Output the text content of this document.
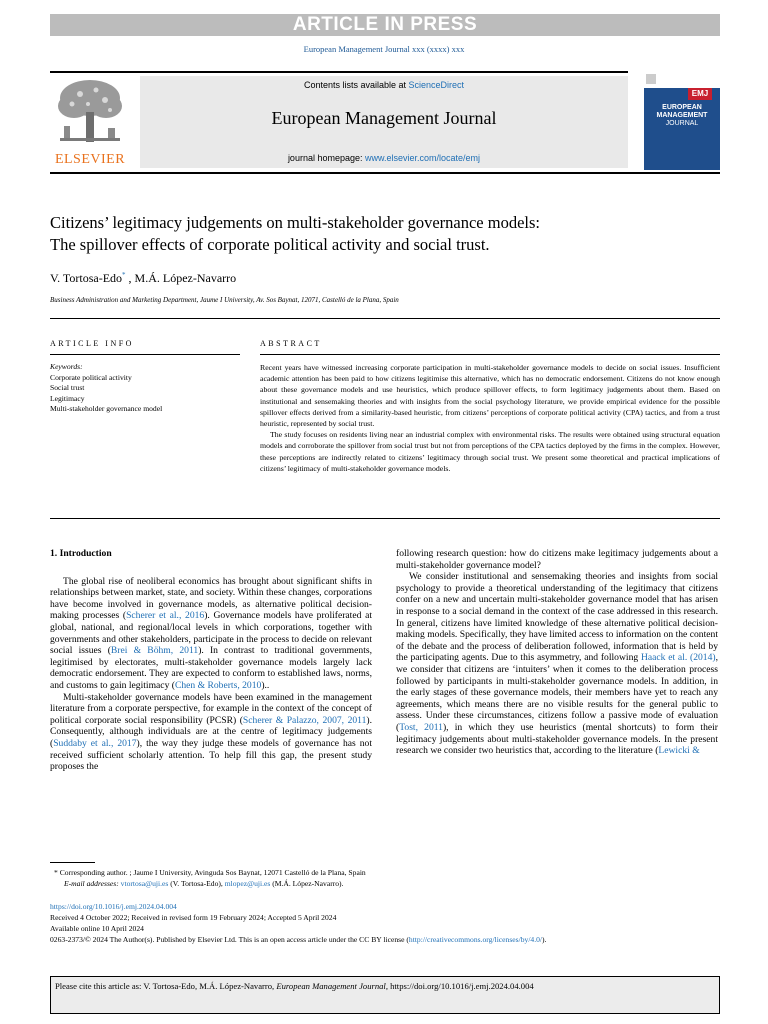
ARTICLE IN PRESS
European Management Journal xxx (xxxx) xxx
ELSEVIER
Contents lists available at ScienceDirect
European Management Journal
journal homepage: www.elsevier.com/locate/emj
EMJ
EUROPEAN
MANAGEMENT
JOURNAL
Citizens’ legitimacy judgements on multi-stakeholder governance models:
The spillover effects of corporate political activity and social trust.
V. Tortosa-Edo* , M.Á. López-Navarro
Business Administration and Marketing Department, Jaume I University, Av. Sos Baynat, 12071, Castelló de la Plana, Spain
ARTICLE INFO	ABSTRACT
Keywords:
Corporate political activity
Social trust
Legitimacy
Multi-stakeholder governance model

Recent years have witnessed increasing corporate participation in multi-stakeholder governance models to decide on social issues. Insufficient academic attention has been paid to how citizens legitimise this alternative, which has no democratic endorsement. Citizens do not know enough about these governance models and use heuristics, which produce spillover effects, to form legitimacy judgements about them. Based on institutional and sensemaking theories and with insights from the social psychology literature, we provide empirical evidence for the possible spillover effects derived from a similarity-based heuristic, from citizens’ perceptions of corporate political activity (CPA) tactics, and from a trust heuristic, represented by social trust.

The study focuses on residents living near an industrial complex with environmental risks. The results were obtained using structural equation models and corroborate the spillover from social trust but not from perceptions of the CPA tactics deployed by the firms in the complex. However, these perceptions are indirectly related to citizens’ legitimacy through social trust. We present some theoretical and practical implications of citizens’ legitimacy of multi-stakeholder governance models.

1. Introduction

The global rise of neoliberal economics has brought about significant shifts in relationships between market, state, and society. Within these changes, corporations have become involved in governance models, as alternative political decision-making processes (Scherer et al., 2016). Governance models have proliferated at global, national, and regional/local levels in which corporations, together with governments and other stakeholders, participate in the process to decide on relevant social issues (Brei & Böhm, 2011). In contrast to traditional governments, legitimised by electorates, multi-stakeholder governance models largely lack democratic endorsement. They are expected to conform to established laws, norms, and customs to gain legitimacy (Chen & Roberts, 2010)..

Multi-stakeholder governance models have been examined in the management literature from a corporate perspective, for example in the context of the concept of political corporate social responsibility (PCSR) (Scherer & Palazzo, 2007, 2011). Consequently, although individuals are at the centre of legitimacy judgements (Suddaby et al., 2017), the way they judge these models of governance has not received sufficient scholarly attention. To help fill this gap, the present study proposes the

following research question: how do citizens make legitimacy judgements about a multi-stakeholder governance model?

We consider institutional and sensemaking theories and insights from social psychology to provide a theoretical understanding of the legitimacy that citizens confer on a new and uncertain multi-stakeholder governance model that has arisen in response to a social demand in the context of the case addressed in this research. In general, citizens have limited knowledge of these alternative political decision-making models. Specifically, they have limited access to information on the content of the debate and the process of deliberation followed, information that is held by the participating agents. Due to this asymmetry, and following Haack et al. (2014), we consider that citizens are ‘intuiters’ when it comes to the deliberation process followed by participants in multi-stakeholder governance models. In addition, in the early stages of these governance models, their members have yet to reach any agreements, which means there are no visible results for the general public to assess. Under these circumstances, citizens follow a passive mode of evaluation (Tost, 2011), in which they use heuristics (mental shortcuts) to form their legitimacy judgements about multi-stakeholder governance models. In the present research we consider two heuristics that, according to the literature (Lewicki &

* Corresponding author. ; Jaume I University, Avinguda Sos Baynat, 12071 Castelló de la Plana, Spain
E-mail addresses: vtortosa@uji.es (V. Tortosa-Edo), mlopez@uji.es (M.Á. López-Navarro).
https://doi.org/10.1016/j.emj.2024.04.004
Received 4 October 2022; Received in revised form 19 February 2024; Accepted 5 April 2024
Available online 10 April 2024
0263-2373/© 2024 The Author(s). Published by Elsevier Ltd. This is an open access article under the CC BY license (http://creativecommons.org/licenses/by/4.0/).
Please cite this article as: V. Tortosa-Edo, M.Á. López-Navarro, European Management Journal, https://doi.org/10.1016/j.emj.2024.04.004
